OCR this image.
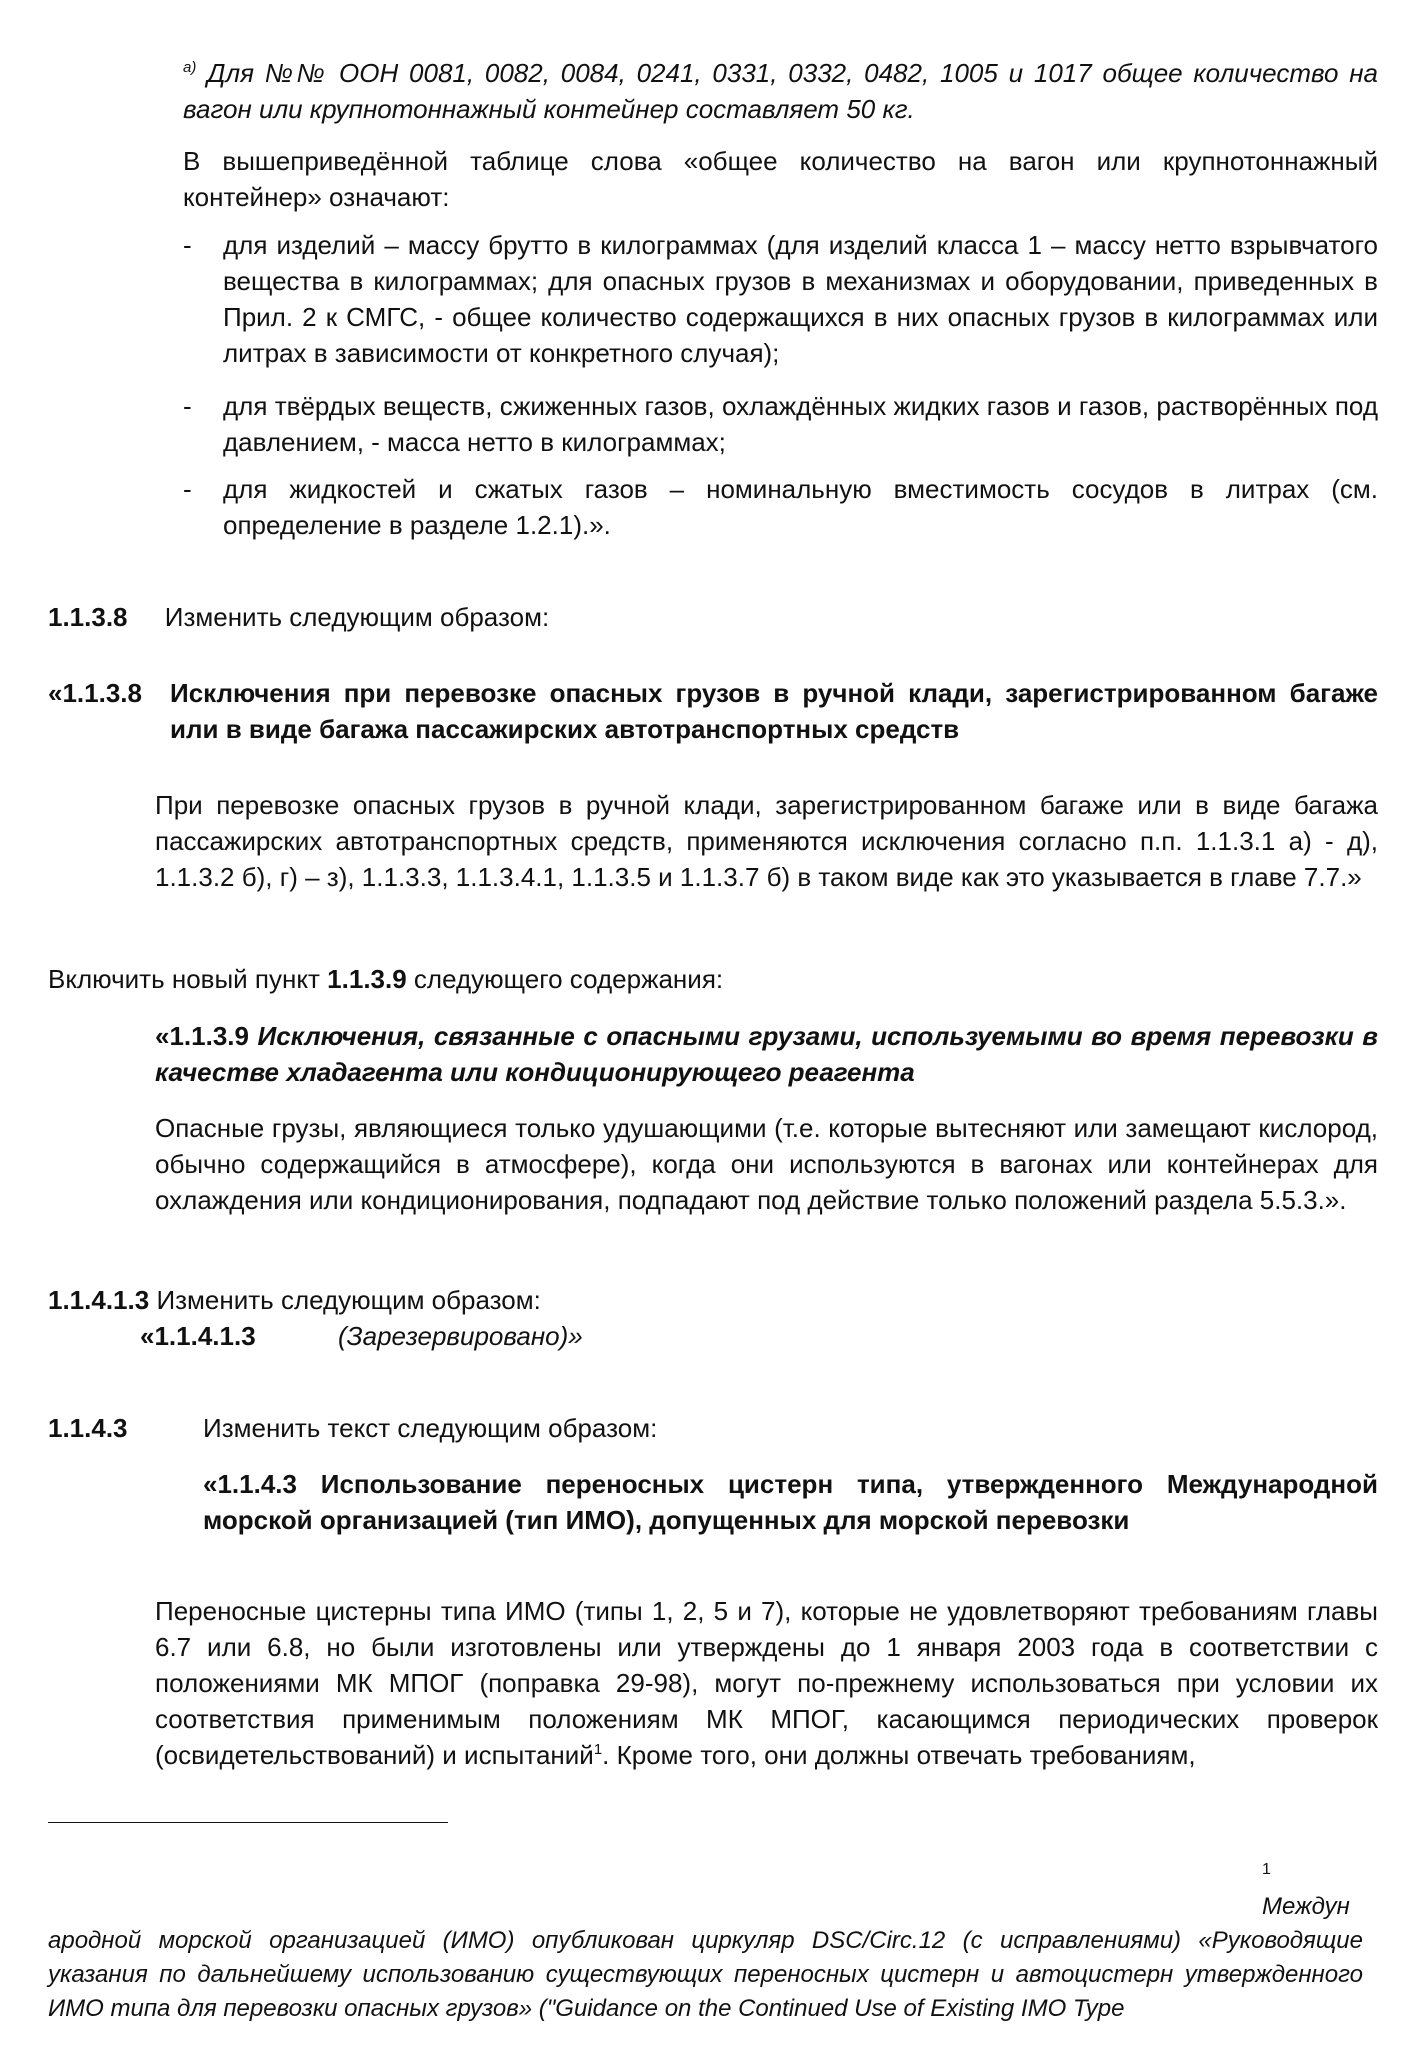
$^{a)}$ Для №№ ООН 0081, 0082, 0084, 0241, 0331, 0332, 0482, 1005 и 1017 общее количество на вагон или крупнотоннажный контейнер составляет 50 кг.
В вышеприведённой таблице слова «общее количество на вагон или крупнотоннажный контейнер» означают:
- для изделий – массу брутто в килограммах (для изделий класса 1 – массу нетто взрывчатого вещества в килограммах; для опасных грузов в механизмах и оборудовании, приведенных в Прил. 2 к СМГС, - общее количество содержащихся в них опасных грузов в килограммах или литрах в зависимости от конкретного случая);
- для твёрдых веществ, сжиженных газов, охлаждённых жидких газов и газов, растворённых под давлением, - масса нетто в килограммах;
- для жидкостей и сжатых газов – номинальную вместимость сосудов в литрах (см. определение в разделе 1.2.1).».
1.1.3.8 Изменить следующим образом:
«1.1.3.8 Исключения при перевозке опасных грузов в ручной клади, зарегистрированном багаже или в виде багажа пассажирских автотранспортных средств
При перевозке опасных грузов в ручной клади, зарегистрированном багаже или в виде багажа пассажирских автотранспортных средств, применяются исключения согласно п.п. 1.1.3.1 а) - д), 1.1.3.2 б), г) – з), 1.1.3.3, 1.1.3.4.1, 1.1.3.5 и 1.1.3.7 б) в таком виде как это указывается в главе 7.7.»
Включить новый пункт 1.1.3.9 следующего содержания:
«1.1.3.9 Исключения, связанные с опасными грузами, используемыми во время перевозки в качестве хладагента или кондиционирующего реагента
Опасные грузы, являющиеся только удушающими (т.е. которые вытесняют или замещают кислород, обычно содержащийся в атмосфере), когда они используются в вагонах или контейнерах для охлаждения или кондиционирования, подпадают под действие только положений раздела 5.5.3.».
1.1.4.1.3 Изменить следующим образом:
«1.1.4.1.3	(Зарезервировано)»
1.1.4.3	Изменить текст следующим образом:
«1.1.4.3 Использование переносных цистерн типа, утвержденного Международной морской организацией (тип ИМО), допущенных для морской перевозки
Переносные цистерны типа ИМО (типы 1, 2, 5 и 7), которые не удовлетворяют требованиям главы 6.7 или 6.8, но были изготовлены или утверждены до 1 января 2003 года в соответствии с положениями МК МПОГ (поправка 29-98), могут по-прежнему использоваться при условии их соответствия применимым положениям МК МПОГ, касающимся периодических проверок (освидетельствований) и испытаний$^1$. Кроме того, они должны отвечать требованиям,
1
Междун
ародной морской организацией (ИМО) опубликован циркуляр DSC/Circ.12 (с исправлениями) «Руководящие указания по дальнейшему использованию существующих переносных цистерн и автоцистерн утвержденного ИМО типа для перевозки опасных грузов» ("Guidance on the Continued Use of Existing IMO Type
